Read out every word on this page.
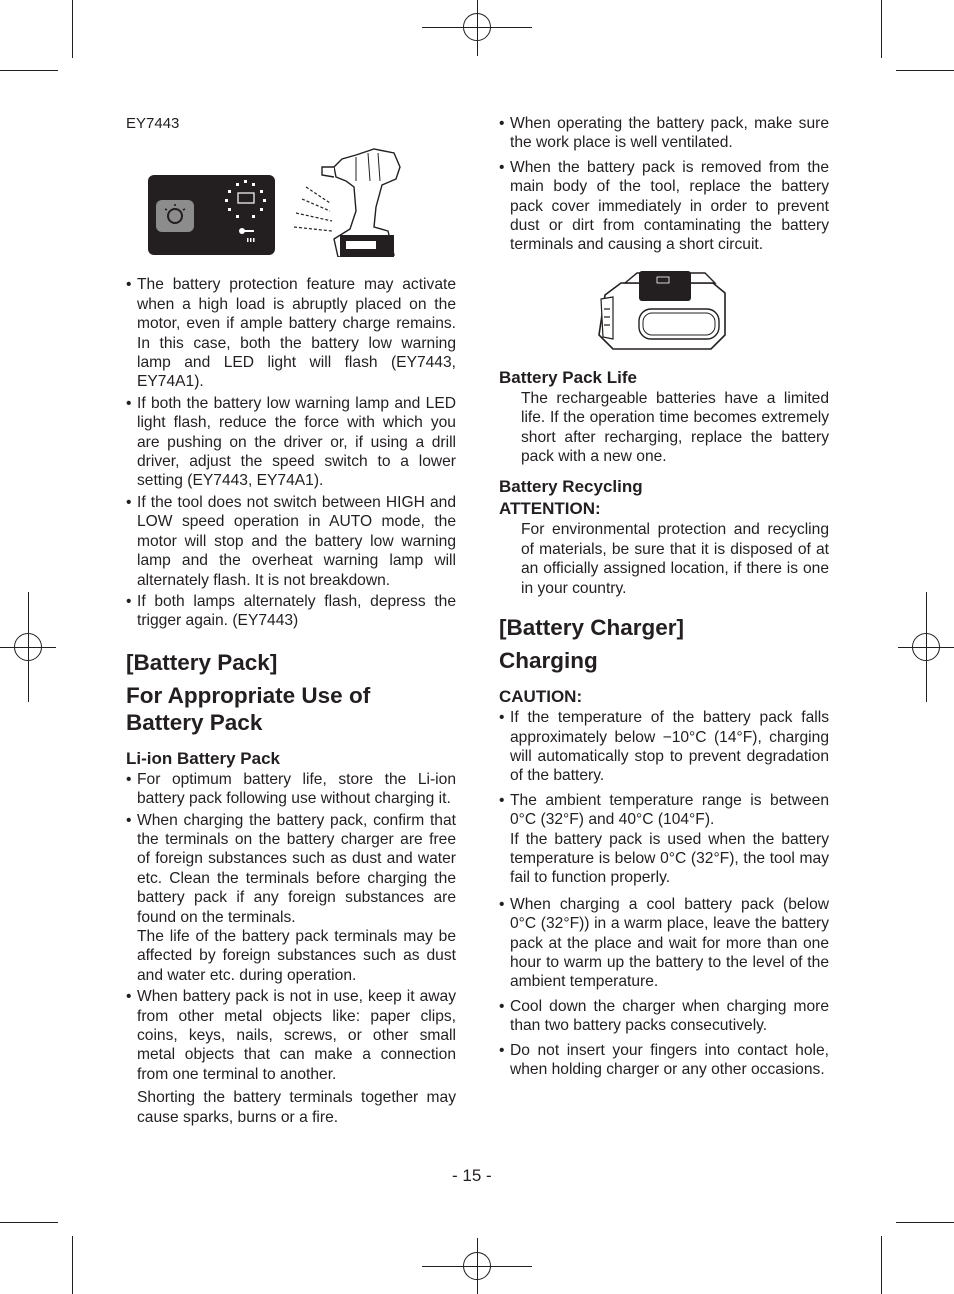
EY7443

• The battery protection feature may activate when a high load is abruptly placed on the motor, even if ample battery charge remains. In this case, both the battery low warning lamp and LED light will flash (EY7443, EY74A1).
• If both the battery low warning lamp and LED light flash, reduce the force with which you are pushing on the driver or, if using a drill driver, adjust the speed switch to a lower setting (EY7443, EY74A1).
• If the tool does not switch between HIGH and LOW speed operation in AUTO mode, the motor will stop and the battery low warning lamp and the overheat warning lamp will alternately flash. It is not breakdown.
• If both lamps alternately flash, depress the trigger again. (EY7443)

[Battery Pack]

For Appropriate Use of

Battery Pack

Li-ion Battery Pack

• For optimum battery life, store the Li-ion battery pack following use without charging it.
• When charging the battery pack, confirm that the terminals on the battery charger are free of foreign substances such as dust and water etc. Clean the terminals before charging the battery pack if any foreign substances are found on the terminals.

The life of the battery pack terminals may be affected by foreign substances such as dust and water etc. during operation.

• When battery pack is not in use, keep it away from other metal objects like: paper clips, coins, keys, nails, screws, or other small metal objects that can make a connection from one terminal to another.

Shorting the battery terminals together may cause sparks, burns or a fire.

• When operating the battery pack, make sure the work place is well ventilated.
• When the battery pack is removed from the main body of the tool, replace the battery pack cover immediately in order to prevent dust or dirt from contaminating the battery terminals and causing a short circuit.

Battery Pack Life

The rechargeable batteries have a limited life. If the operation time becomes extremely short after recharging, replace the battery pack with a new one.

Battery Recycling

ATTENTION:

For environmental protection and recycling of materials, be sure that it is disposed of at an officially assigned location, if there is one in your country.

[Battery Charger]

Charging

CAUTION:

• If the temperature of the battery pack falls approximately below −10°C (14°F), charging will automatically stop to prevent degradation of the battery.
• The ambient temperature range is between 0°C (32°F) and 40°C (104°F).

If the battery pack is used when the battery temperature is below 0°C (32°F), the tool may fail to function properly.

• When charging a cool battery pack (below 0°C (32°F)) in a warm place, leave the battery pack at the place and wait for more than one hour to warm up the battery to the level of the ambient temperature.
• Cool down the charger when charging more than two battery packs consecutively.
• Do not insert your fingers into contact hole, when holding charger or any other occasions.
- 15 -
